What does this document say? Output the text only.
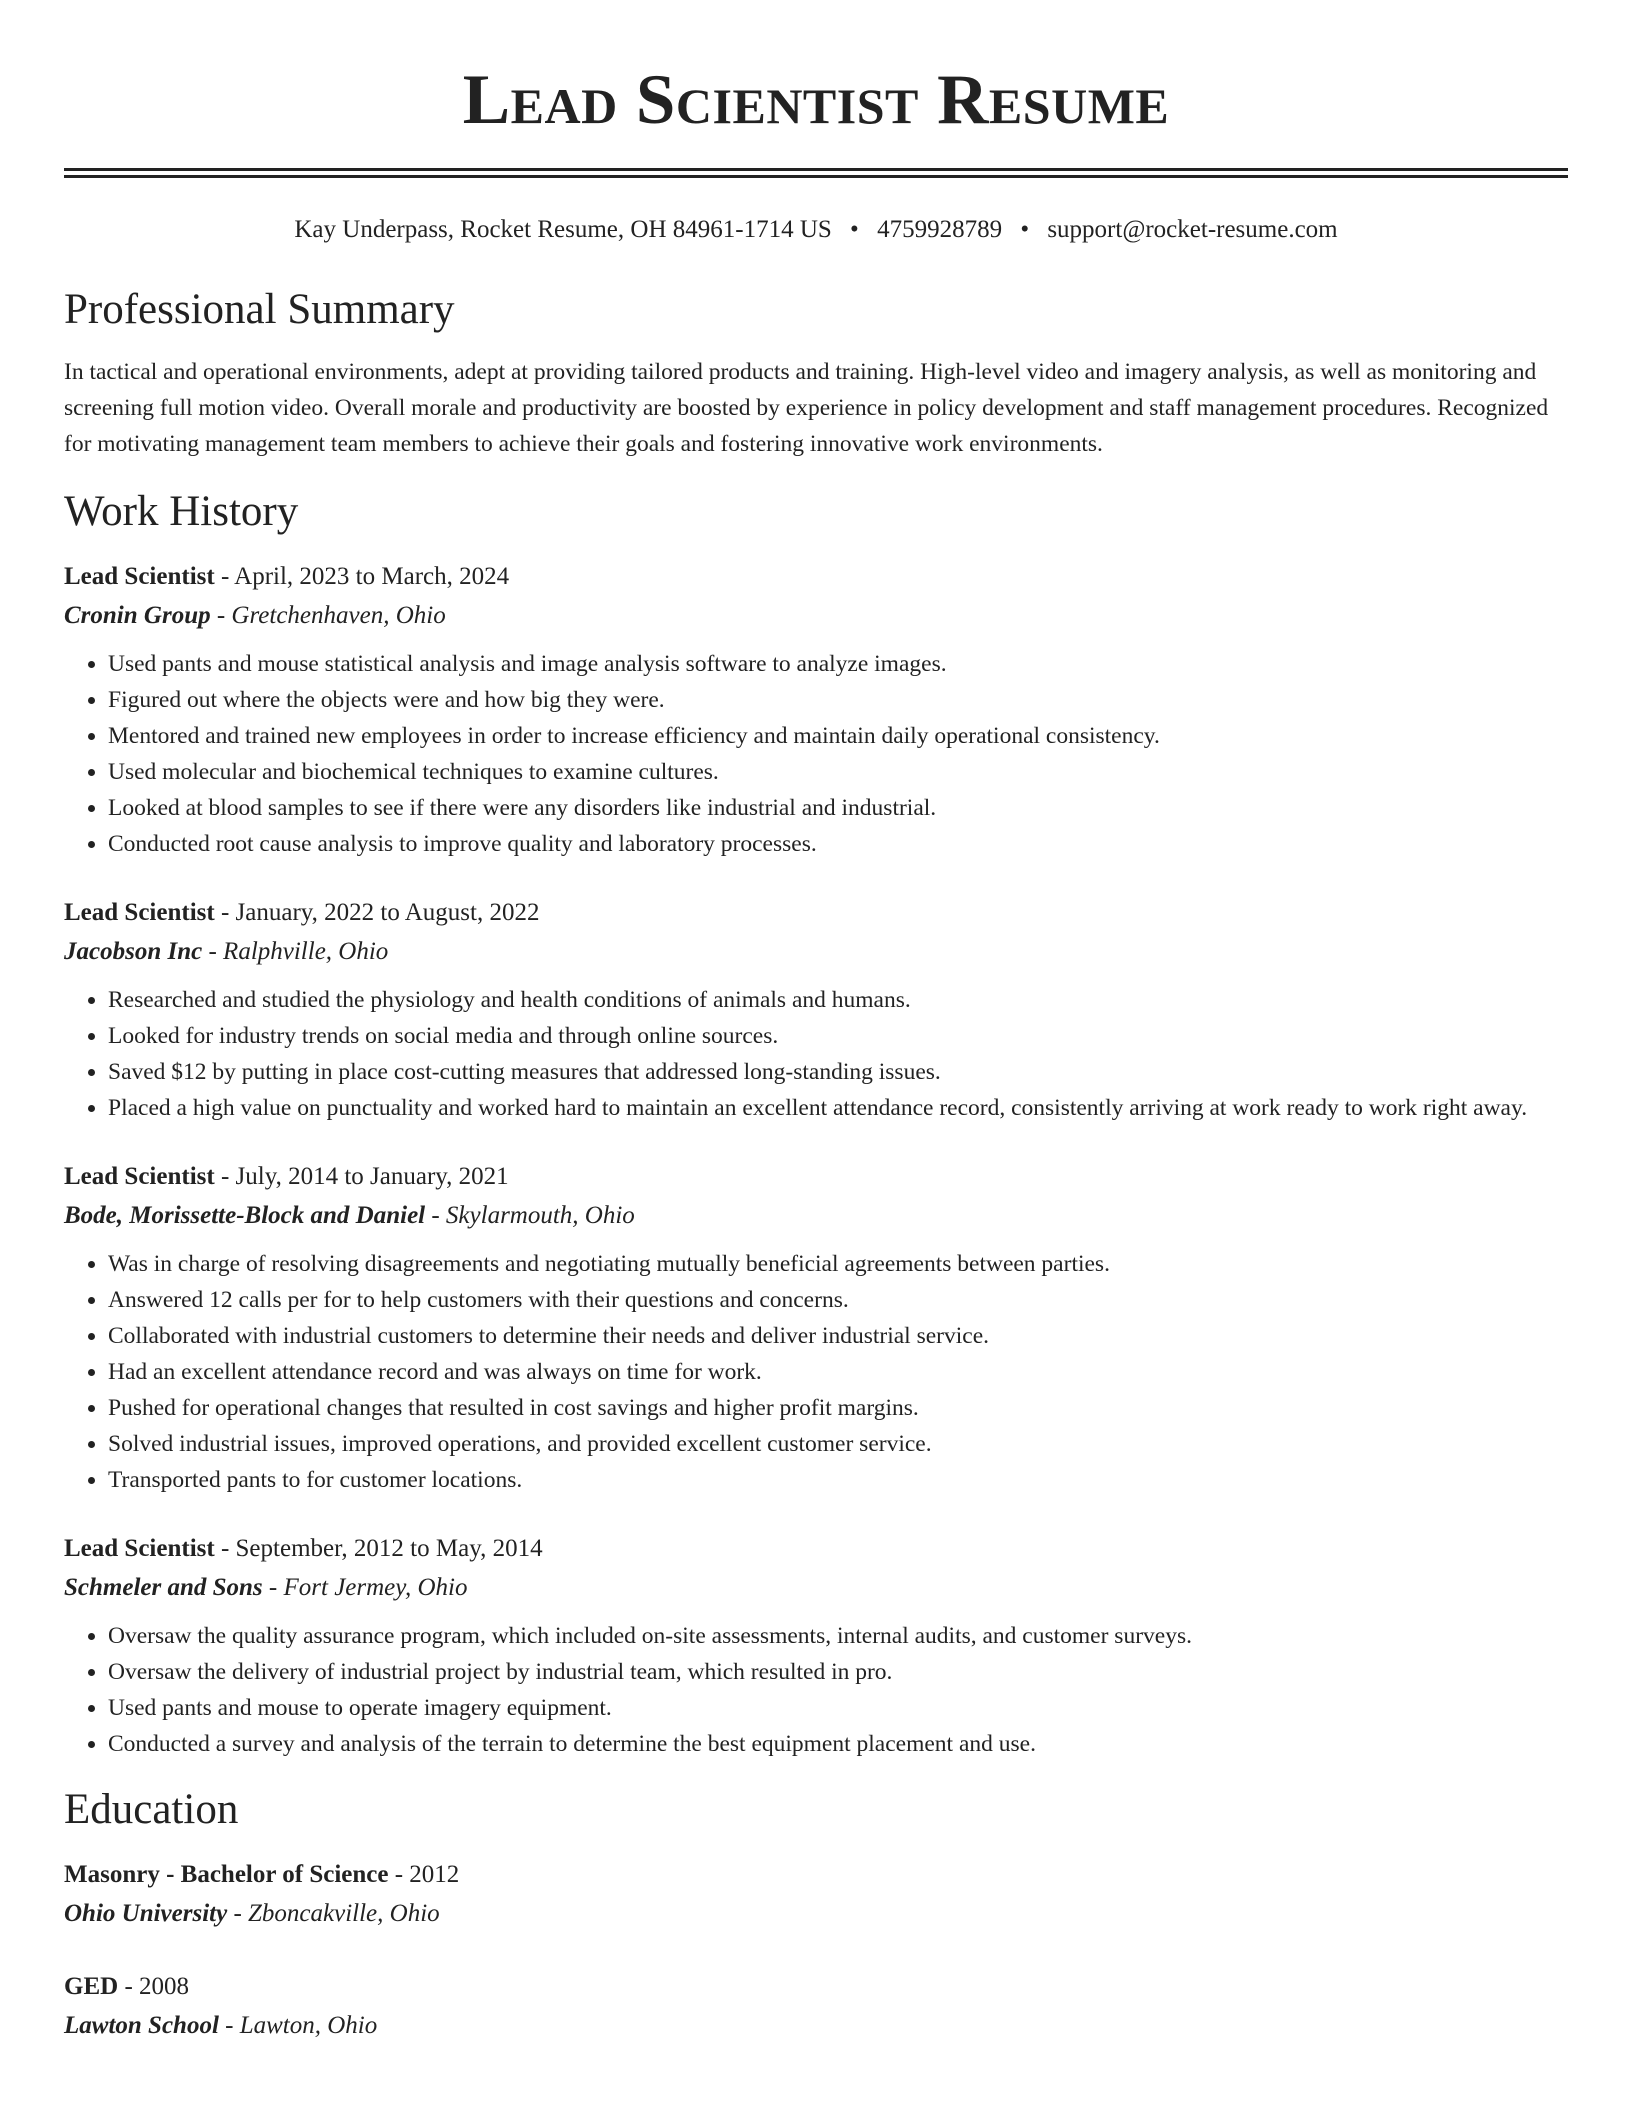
Lead Scientist Resume
Kay Underpass, Rocket Resume, OH 84961-1714 US • 4759928789 • support@rocket-resume.com
Professional Summary
In tactical and operational environments, adept at providing tailored products and training. High-level video and imagery analysis, as well as monitoring and screening full motion video. Overall morale and productivity are boosted by experience in policy development and staff management procedures. Recognized for motivating management team members to achieve their goals and fostering innovative work environments.
Work History
Lead Scientist - April, 2023 to March, 2024
Cronin Group - Gretchenhaven, Ohio
• Used pants and mouse statistical analysis and image analysis software to analyze images.
• Figured out where the objects were and how big they were.
• Mentored and trained new employees in order to increase efficiency and maintain daily operational consistency.
• Used molecular and biochemical techniques to examine cultures.
• Looked at blood samples to see if there were any disorders like industrial and industrial.
• Conducted root cause analysis to improve quality and laboratory processes.
Lead Scientist - January, 2022 to August, 2022
Jacobson Inc - Ralphville, Ohio
• Researched and studied the physiology and health conditions of animals and humans.
• Looked for industry trends on social media and through online sources.
• Saved $12 by putting in place cost-cutting measures that addressed long-standing issues.
• Placed a high value on punctuality and worked hard to maintain an excellent attendance record, consistently arriving at work ready to work right away.
Lead Scientist - July, 2014 to January, 2021
Bode, Morissette-Block and Daniel - Skylarmouth, Ohio
• Was in charge of resolving disagreements and negotiating mutually beneficial agreements between parties.
• Answered 12 calls per for to help customers with their questions and concerns.
• Collaborated with industrial customers to determine their needs and deliver industrial service.
• Had an excellent attendance record and was always on time for work.
• Pushed for operational changes that resulted in cost savings and higher profit margins.
• Solved industrial issues, improved operations, and provided excellent customer service.
• Transported pants to for customer locations.
Lead Scientist - September, 2012 to May, 2014
Schmeler and Sons - Fort Jermey, Ohio
• Oversaw the quality assurance program, which included on-site assessments, internal audits, and customer surveys.
• Oversaw the delivery of industrial project by industrial team, which resulted in pro.
• Used pants and mouse to operate imagery equipment.
• Conducted a survey and analysis of the terrain to determine the best equipment placement and use.
Education
Masonry - Bachelor of Science - 2012
Ohio University - Zboncakville, Ohio
GED - 2008
Lawton School - Lawton, Ohio
